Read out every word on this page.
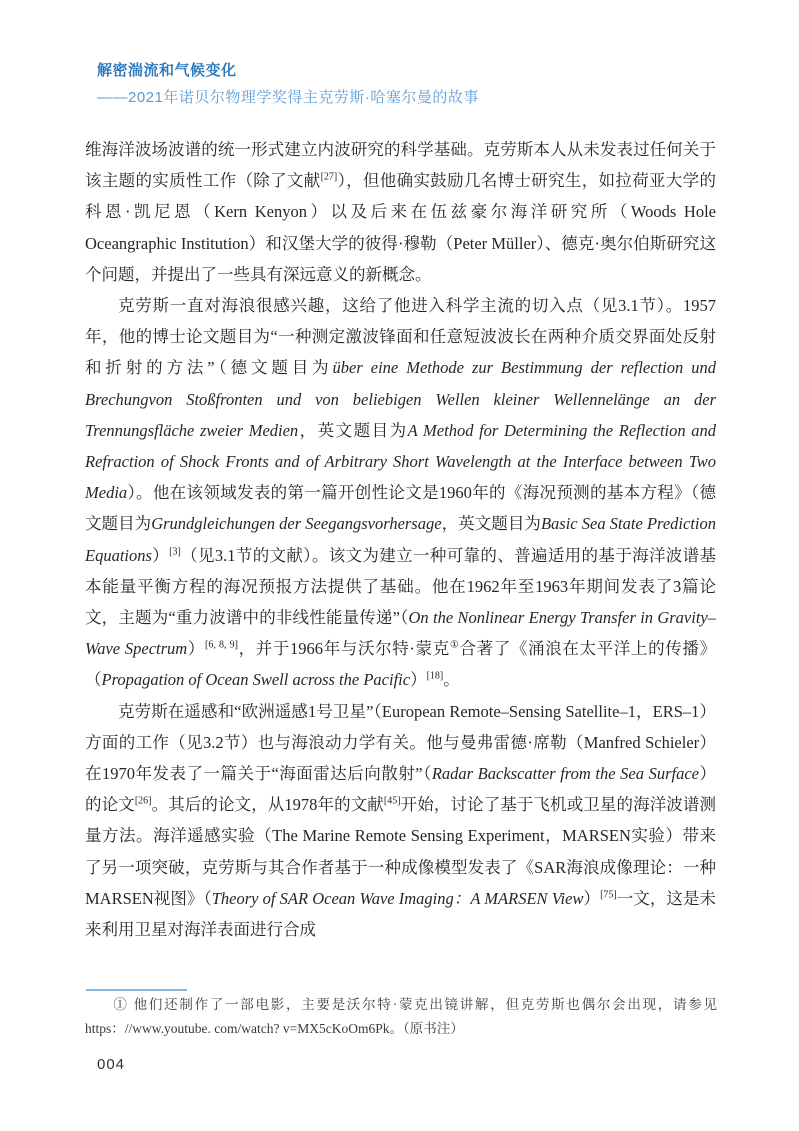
解密湍流和气候变化
——2021年诺贝尔物理学奖得主克劳斯·哈塞尔曼的故事

维海洋波场波谱的统一形式建立内波研究的科学基础。克劳斯本人从未发表过任何关于该主题的实质性工作（除了文献[27]），但他确实鼓励几名博士研究生，如拉荷亚大学的科恩·凯尼恩（Kern Kenyon）以及后来在伍兹豪尔海洋研究所（Woods Hole Oceangraphic Institution）和汉堡大学的彼得·穆勒（Peter Müller）、德克·奥尔伯斯研究这个问题，并提出了一些具有深远意义的新概念。

克劳斯一直对海浪很感兴趣，这给了他进入科学主流的切入点（见3.1节）。1957年，他的博士论文题目为“一种测定激波锋面和任意短波波长在两种介质交界面处反射和折射的方法”（德文题目为über eine Methode zur Bestimmung der reflection und Brechungvon Stoßfronten und von beliebigen Wellen kleiner Wellennelänge an der Trennungsfläche zweier Medien，英文题目为A Method for Determining the Reflection and Refraction of Shock Fronts and of Arbitrary Short Wavelength at the Interface between Two Media）。他在该领域发表的第一篇开创性论文是1960年的《海况预测的基本方程》（德文题目为Grundgleichungen der Seegangsvorhersage，英文题目为Basic Sea State Prediction Equations）[3]（见3.1节的文献）。该文为建立一种可靠的、普遍适用的基于海洋波谱基本能量平衡方程的海况预报方法提供了基础。他在1962年至1963年期间发表了3篇论文，主题为“重力波谱中的非线性能量传递”（On the Nonlinear Energy Transfer in Gravity–Wave Spectrum）[6, 8, 9]，并于1966年与沃尔特·蒙克①合著了《涌浪在太平洋上的传播》（Propagation of Ocean Swell across the Pacific）[18]。

克劳斯在遥感和“欧洲遥感1号卫星”（European Remote–Sensing Satellite–1，ERS–1）方面的工作（见3.2节）也与海浪动力学有关。他与曼弗雷德·席勒（Manfred Schieler）在1970年发表了一篇关于“海面雷达后向散射”（Radar Backscatter from the Sea Surface）的论文[26]。其后的论文，从1978年的文献[45]开始，讨论了基于飞机或卫星的海洋波谱测量方法。海洋遥感实验（The Marine Remote Sensing Experiment，MARSEN实验）带来了另一项突破，克劳斯与其合作者基于一种成像模型发表了《SAR海浪成像理论：一种MARSEN视图》（Theory of SAR Ocean Wave Imaging：A MARSEN View）[75]一文，这是未来利用卫星对海洋表面进行合成

① 他们还制作了一部电影，主要是沃尔特·蒙克出镜讲解，但克劳斯也偶尔会出现，请参见https：//www.youtube. com/watch? v=MX5cKoOm6Pk。（原书注）

004
